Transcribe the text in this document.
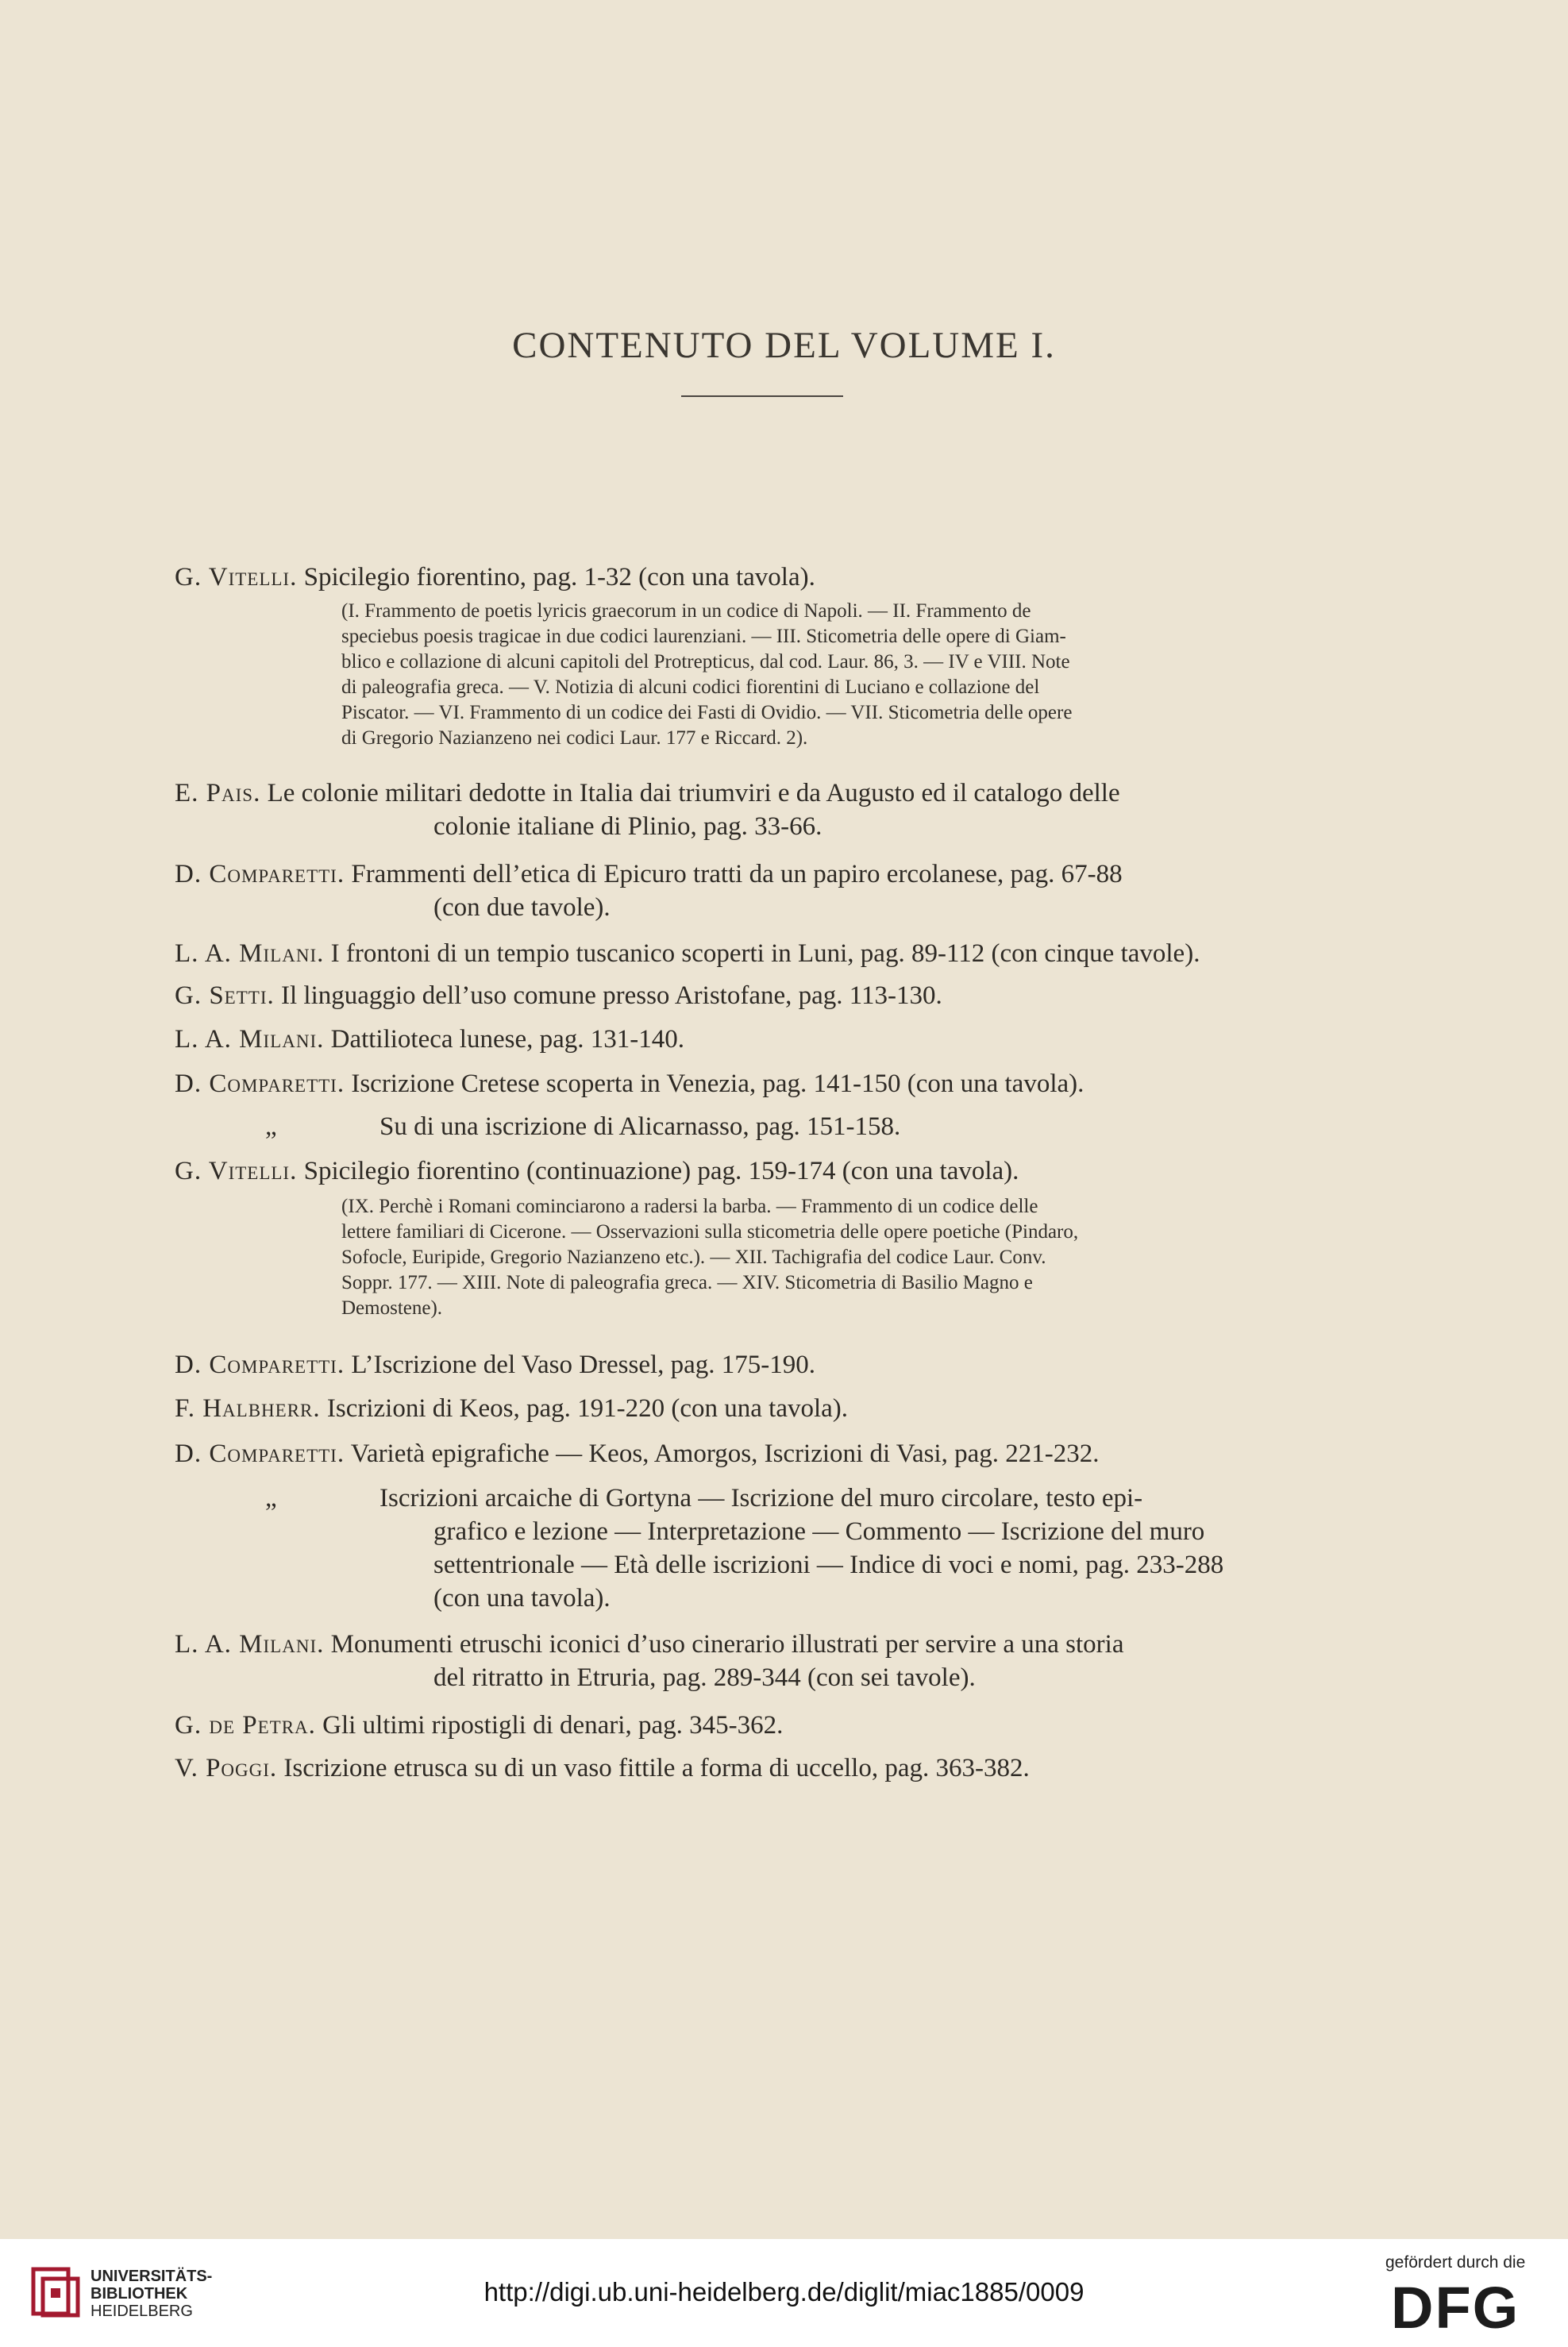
CONTENUTO DEL VOLUME I.

G. Vitelli. Spicilegio fiorentino, pag. 1-32 (con una tavola).

(I. Frammento de poetis lyricis graecorum in un codice di Napoli. — II. Frammento de

speciebus poesis tragicae in due codici laurenziani. — III. Sticometria delle opere di Giam-

blico e collazione di alcuni capitoli del Protrepticus, dal cod. Laur. 86, 3. — IV e VIII. Note

di paleografia greca. — V. Notizia di alcuni codici fiorentini di Luciano e collazione del

Piscator. — VI. Frammento di un codice dei Fasti di Ovidio. — VII. Sticometria delle opere

di Gregorio Nazianzeno nei codici Laur. 177 e Riccard. 2).

E. Pais. Le colonie militari dedotte in Italia dai triumviri e da Augusto ed il catalogo delle

colonie italiane di Plinio, pag. 33-66.

D. Comparetti. Frammenti dell’etica di Epicuro tratti da un papiro ercolanese, pag. 67-88

(con due tavole).

L. A. Milani. I frontoni di un tempio tuscanico scoperti in Luni, pag. 89-112 (con cinque tavole).

G. Setti. Il linguaggio dell’uso comune presso Aristofane, pag. 113-130.

L. A. Milani. Dattilioteca lunese, pag. 131-140.

D. Comparetti. Iscrizione Cretese scoperta in Venezia, pag. 141-150 (con una tavola).

„	Su di una iscrizione di Alicarnasso, pag. 151-158.

G. Vitelli. Spicilegio fiorentino (continuazione) pag. 159-174 (con una tavola).

(IX. Perchè i Romani cominciarono a radersi la barba. — Frammento di un codice delle

lettere familiari di Cicerone. — Osservazioni sulla sticometria delle opere poetiche (Pindaro,

Sofocle, Euripide, Gregorio Nazianzeno etc.). — XII. Tachigrafia del codice Laur. Conv.

Soppr. 177. — XIII. Note di paleografia greca. — XIV. Sticometria di Basilio Magno e

Demostene).

D. Comparetti. L’Iscrizione del Vaso Dressel, pag. 175-190.

F. Halbherr. Iscrizioni di Keos, pag. 191-220 (con una tavola).

D. Comparetti. Varietà epigrafiche — Keos, Amorgos, Iscrizioni di Vasi, pag. 221-232.

„	Iscrizioni arcaiche di Gortyna — Iscrizione del muro circolare, testo epi-

grafico e lezione — Interpretazione — Commento — Iscrizione del muro

settentrionale — Età delle iscrizioni — Indice di voci e nomi, pag. 233-288

(con una tavola).

L. A. Milani. Monumenti etruschi iconici d’uso cinerario illustrati per servire a una storia

del ritratto in Etruria, pag. 289-344 (con sei tavole).

G. de Petra. Gli ultimi ripostigli di denari, pag. 345-362.

V. Poggi. Iscrizione etrusca su di un vaso fittile a forma di uccello, pag. 363-382.

UNIVERSITÄTS-
BIBLIOTHEK
HEIDELBERG
http://digi.ub.uni-heidelberg.de/diglit/miac1885/0009
gefördert durch die
DFG
